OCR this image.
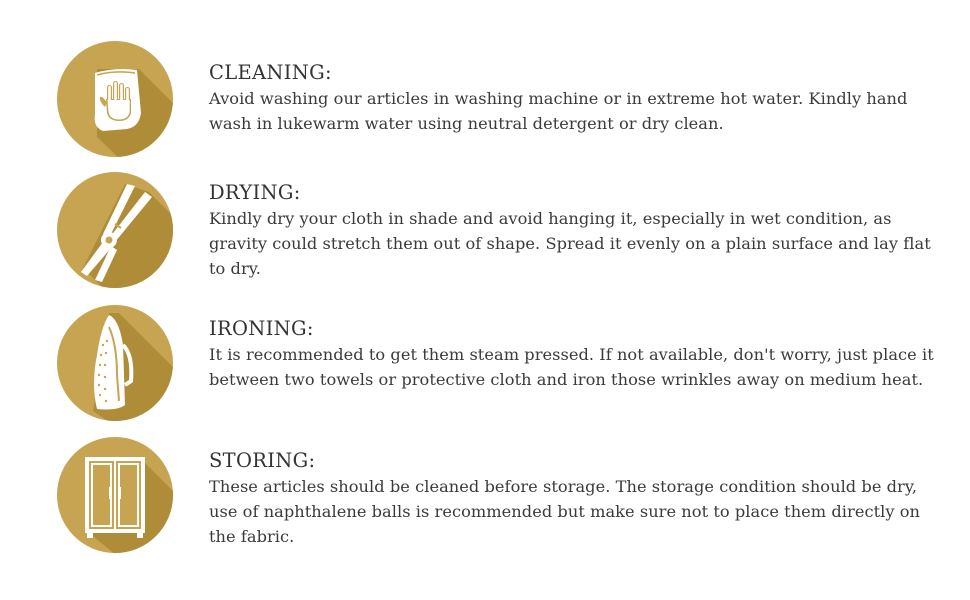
CLEANING:

Avoid washing our articles in washing machine or in extreme hot water. Kindly hand wash in lukewarm water using neutral detergent or dry clean.

DRYING:

Kindly dry your cloth in shade and avoid hanging it, especially in wet condition, as gravity could stretch them out of shape. Spread it evenly on a plain surface and lay flat to dry.

IRONING:

It is recommended to get them steam pressed. If not available, don't worry, just place it between two towels or protective cloth and iron those wrinkles away on medium heat.

STORING:

These articles should be cleaned before storage. The storage condition should be dry, use of naphthalene balls is recommended but make sure not to place them directly on the fabric.
